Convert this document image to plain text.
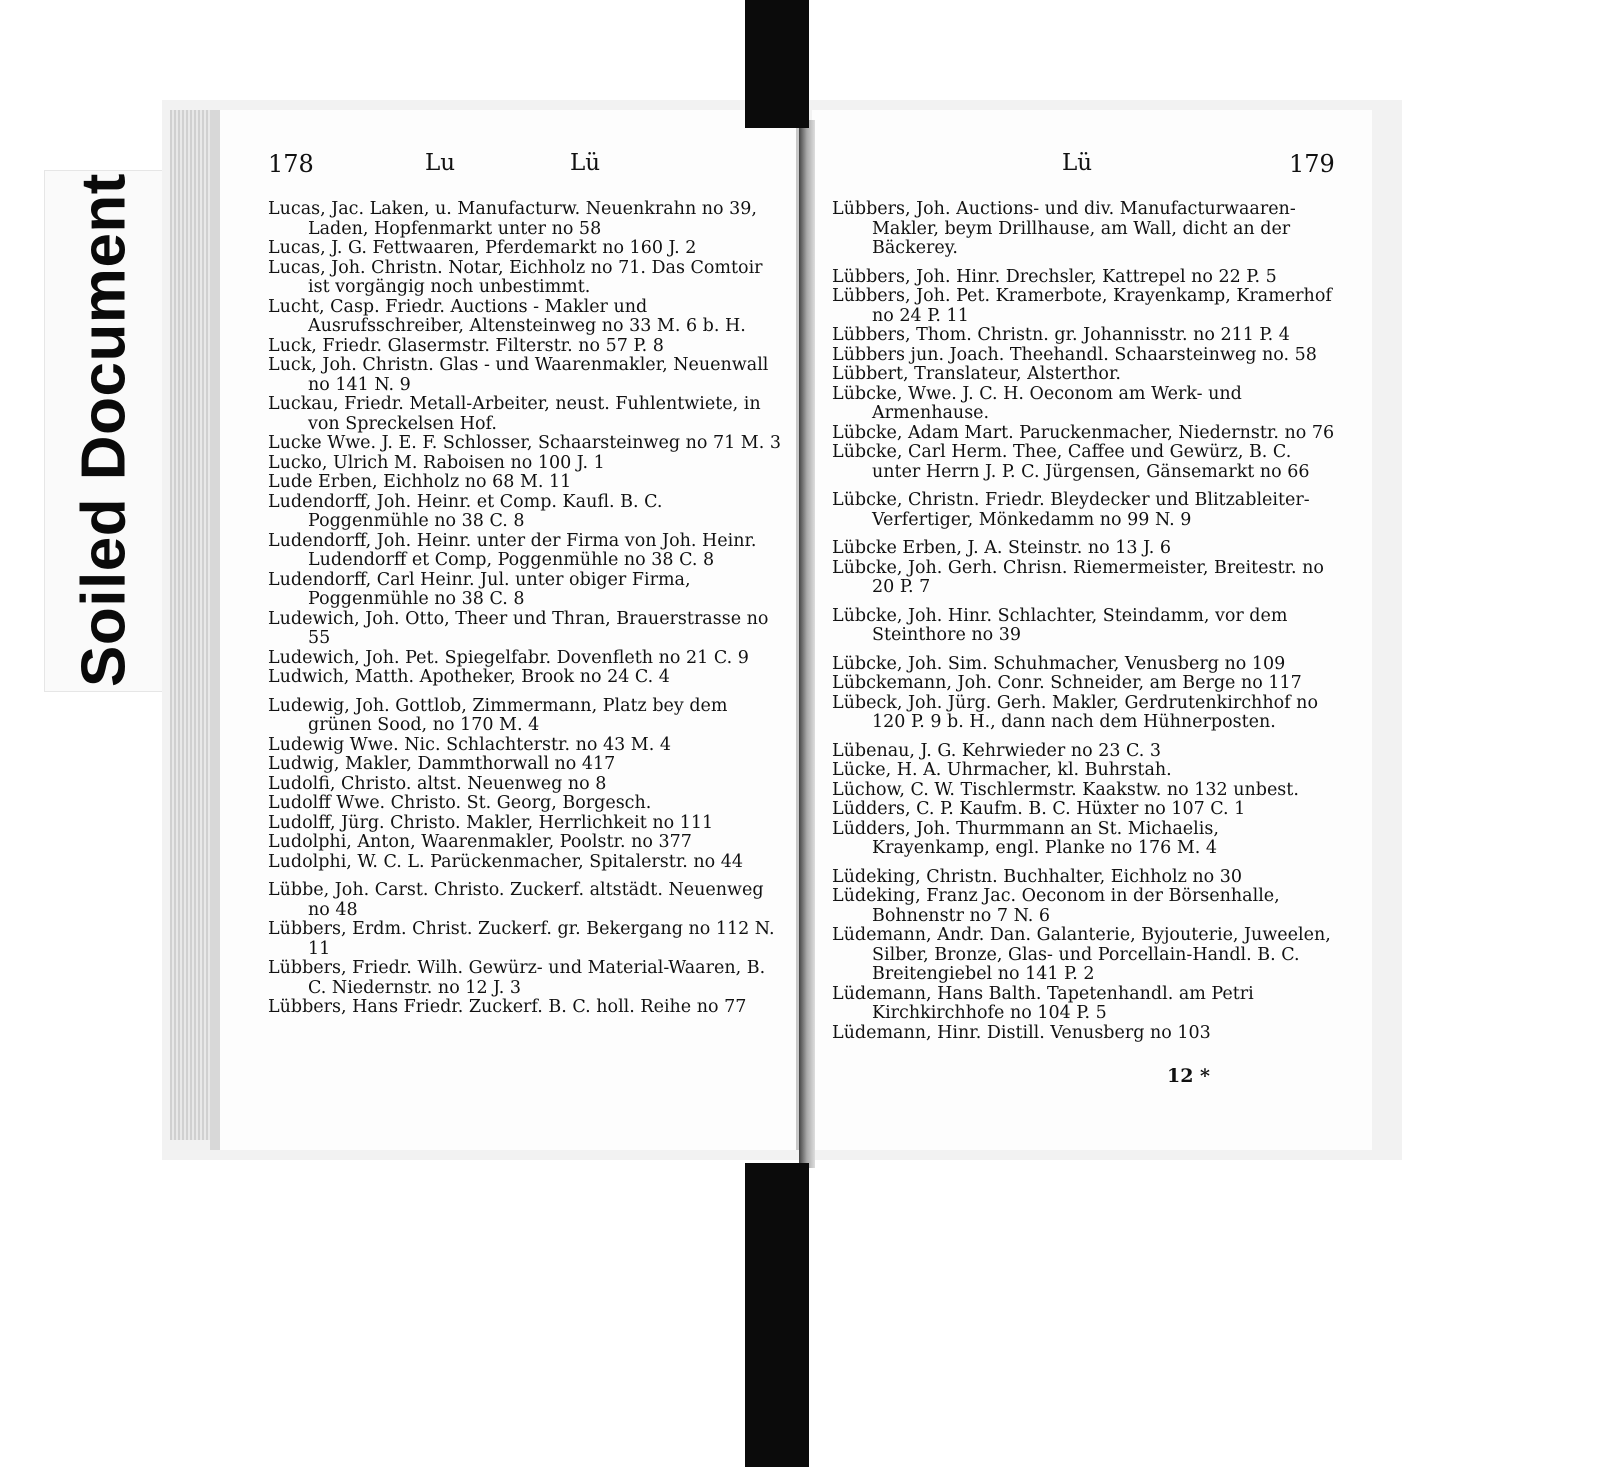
Soiled Document
178	Lu	Lü
Lucas, Jac. Laken, u. Manufacturw. Neuenkrahn no 39, Laden, Hopfenmarkt unter no 58
Lucas, J. G. Fettwaaren, Pferdemarkt no 160 J. 2
Lucas, Joh. Christn. Notar, Eichholz no 71. Das Comtoir ist vorgängig noch unbestimmt.
Lucht, Casp. Friedr. Auctions - Makler und Ausrufsschreiber, Altensteinweg no 33 M. 6 b. H.
Luck, Friedr. Glasermstr. Filterstr. no 57 P. 8
Luck, Joh. Christn. Glas - und Waarenmakler, Neuenwall no 141 N. 9
Luckau, Friedr. Metall-Arbeiter, neust. Fuhlentwiete, in von Spreckelsen Hof.
Lucke Wwe. J. E. F. Schlosser, Schaarsteinweg no 71 M. 3
Lucko, Ulrich M. Raboisen no 100 J. 1
Lude Erben, Eichholz no 68 M. 11
Ludendorff, Joh. Heinr. et Comp. Kaufl. B. C. Poggenmühle no 38 C. 8
Ludendorff, Joh. Heinr. unter der Firma von Joh. Heinr. Ludendorff et Comp, Poggenmühle no 38 C. 8
Ludendorff, Carl Heinr. Jul. unter obiger Firma, Poggenmühle no 38 C. 8
Ludewich, Joh. Otto, Theer und Thran, Brauerstrasse no 55
Ludewich, Joh. Pet. Spiegelfabr. Dovenfleth no 21 C. 9
Ludwich, Matth. Apotheker, Brook no 24 C. 4
Ludewig, Joh. Gottlob, Zimmermann, Platz bey dem grünen Sood, no 170 M. 4
Ludewig Wwe. Nic. Schlachterstr. no 43 M. 4
Ludwig, Makler, Dammthorwall no 417
Ludolfi, Christo. altst. Neuenweg no 8
Ludolff Wwe. Christo. St. Georg, Borgesch.
Ludolff, Jürg. Christo. Makler, Herrlichkeit no 111
Ludolphi, Anton, Waarenmakler, Poolstr. no 377
Ludolphi, W. C. L. Parückenmacher, Spitalerstr. no 44
Lübbe, Joh. Carst. Christo. Zuckerf. altstädt. Neuenweg no 48
Lübbers, Erdm. Christ. Zuckerf. gr. Bekergang no 112 N. 11
Lübbers, Friedr. Wilh. Gewürz- und Material-Waaren, B. C. Niedernstr. no 12 J. 3
Lübbers, Hans Friedr. Zuckerf. B. C. holl. Reihe no 77
Lü	179
Lübbers, Joh. Auctions- und div. Manufacturwaaren-Makler, beym Drillhause, am Wall, dicht an der Bäckerey.
Lübbers, Joh. Hinr. Drechsler, Kattrepel no 22 P. 5
Lübbers, Joh. Pet. Kramerbote, Krayenkamp, Kramerhof no 24 P. 11
Lübbers, Thom. Christn. gr. Johannisstr. no 211 P. 4
Lübbers jun. Joach. Theehandl. Schaarsteinweg no. 58
Lübbert, Translateur, Alsterthor.
Lübcke, Wwe. J. C. H. Oeconom am Werk- und Armenhause.
Lübcke, Adam Mart. Paruckenmacher, Niedernstr. no 76
Lübcke, Carl Herm. Thee, Caffee und Gewürz, B. C. unter Herrn J. P. C. Jürgensen, Gänsemarkt no 66
Lübcke, Christn. Friedr. Bleydecker und Blitzableiter-Verfertiger, Mönkedamm no 99 N. 9
Lübcke Erben, J. A. Steinstr. no 13 J. 6
Lübcke, Joh. Gerh. Chrisn. Riemermeister, Breitestr. no 20 P. 7
Lübcke, Joh. Hinr. Schlachter, Steindamm, vor dem Steinthore no 39
Lübcke, Joh. Sim. Schuhmacher, Venusberg no 109
Lübckemann, Joh. Conr. Schneider, am Berge no 117
Lübeck, Joh. Jürg. Gerh. Makler, Gerdrutenkirchhof no 120 P. 9 b. H., dann nach dem Hühnerposten.
Lübenau, J. G. Kehrwieder no 23 C. 3
Lücke, H. A. Uhrmacher, kl. Buhrstah.
Lüchow, C. W. Tischlermstr. Kaakstw. no 132 unbest.
Lüdders, C. P. Kaufm. B. C. Hüxter no 107 C. 1
Lüdders, Joh. Thurmmann an St. Michaelis, Krayenkamp, engl. Planke no 176 M. 4
Lüdeking, Christn. Buchhalter, Eichholz no 30
Lüdeking, Franz Jac. Oeconom in der Börsenhalle, Bohnenstr no 7 N. 6
Lüdemann, Andr. Dan. Galanterie, Byjouterie, Juweelen, Silber, Bronze, Glas- und Porcellain-Handl. B. C. Breitengiebel no 141 P. 2
Lüdemann, Hans Balth. Tapetenhandl. am Petri Kirchkirchhofe no 104 P. 5
Lüdemann, Hinr. Distill. Venusberg no 103
12 *
